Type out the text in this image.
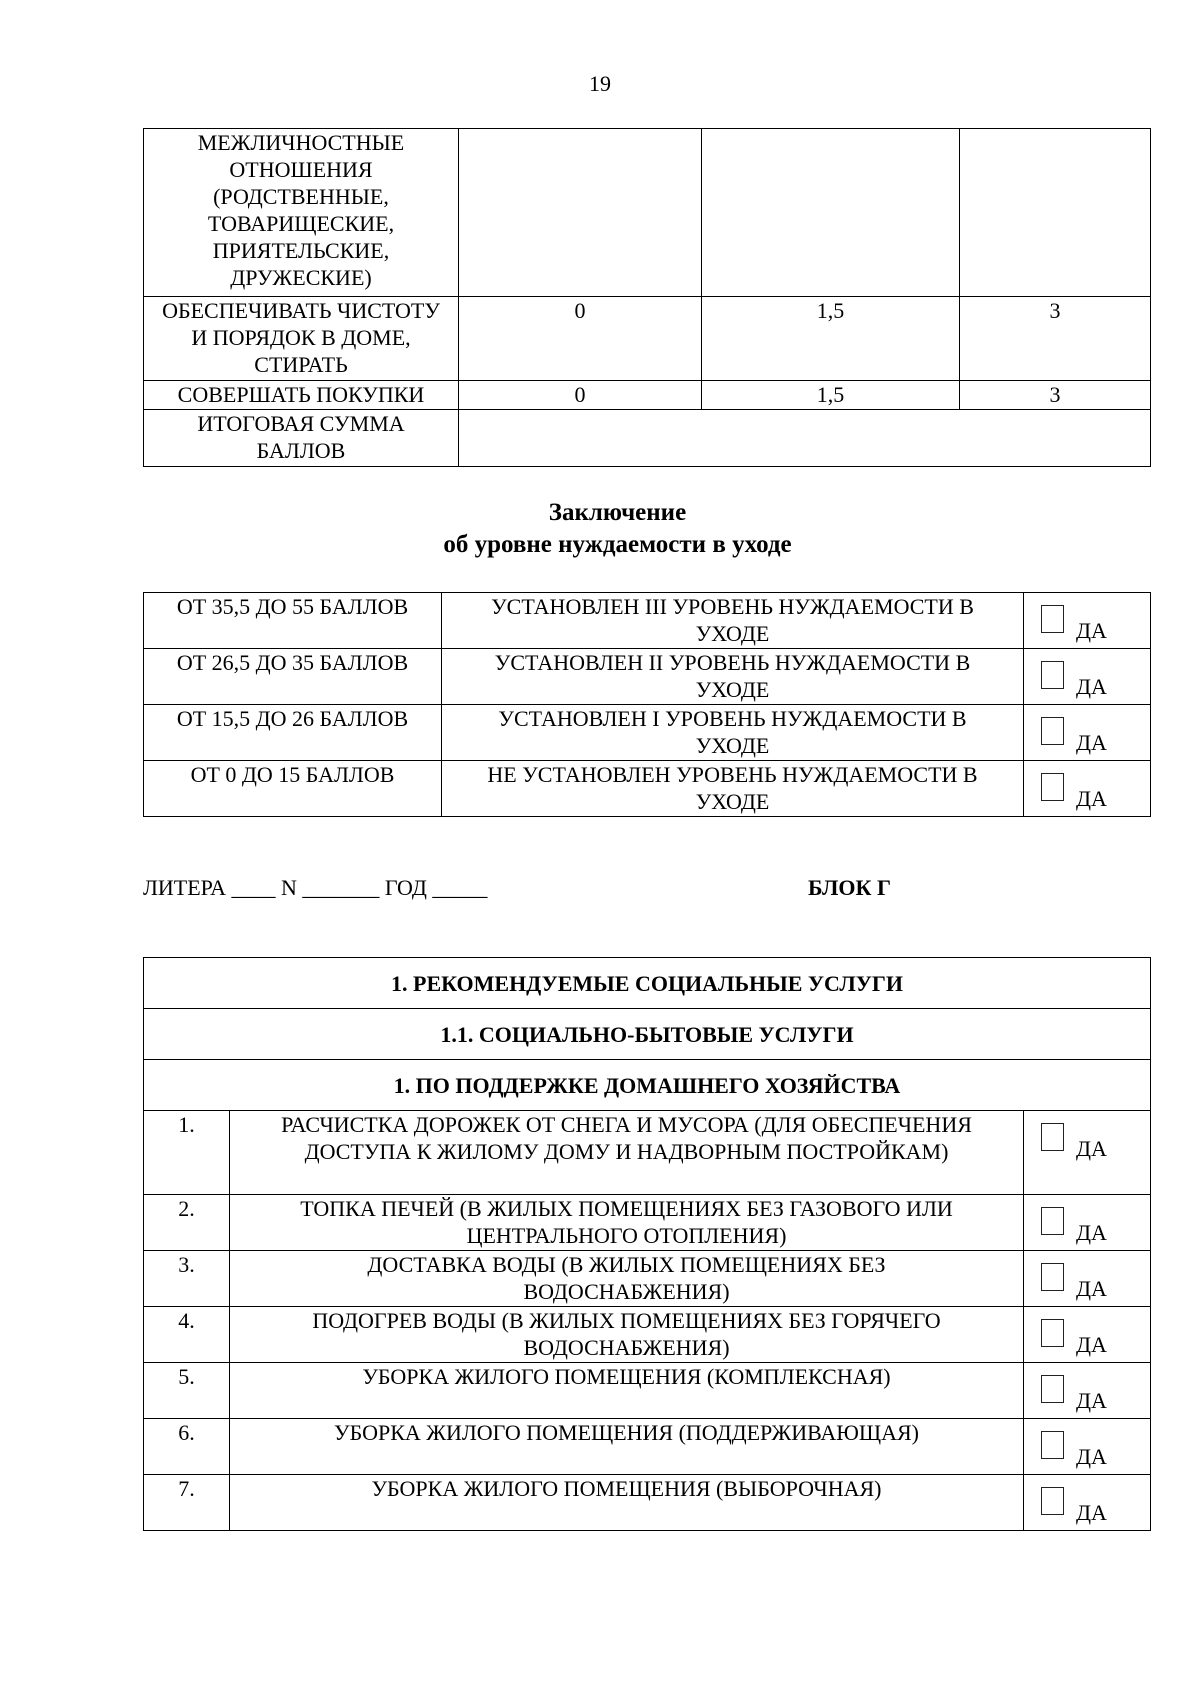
19
МЕЖЛИЧНОСТНЫЕ ОТНОШЕНИЯ (РОДСТВЕННЫЕ, ТОВАРИЩЕСКИЕ, ПРИЯТЕЛЬСКИЕ, ДРУЖЕСКИЕ)			
ОБЕСПЕЧИВАТЬ ЧИСТОТУ И ПОРЯДОК В ДОМЕ, СТИРАТЬ	0	1,5	3
СОВЕРШАТЬ ПОКУПКИ	0	1,5	3
ИТОГОВАЯ СУММА БАЛЛОВ			
Заключение
об уровне нуждаемости в уходе
ОТ 35,5 ДО 55 БАЛЛОВ	УСТАНОВЛЕН III УРОВЕНЬ НУЖДАЕМОСТИ В УХОДЕ	ДА

ОТ 26,5 ДО 35 БАЛЛОВ	УСТАНОВЛЕН II УРОВЕНЬ НУЖДАЕМОСТИ В УХОДЕ	ДА

ОТ 15,5 ДО 26 БАЛЛОВ	УСТАНОВЛЕН I УРОВЕНЬ НУЖДАЕМОСТИ В УХОДЕ	ДА

ОТ 0 ДО 15 БАЛЛОВ	НЕ УСТАНОВЛЕН УРОВЕНЬ НУЖДАЕМОСТИ В УХОДЕ	ДА
ЛИТЕРА ____ N _______ ГОД _____	БЛОК Г
1. РЕКОМЕНДУЕМЫЕ СОЦИАЛЬНЫЕ УСЛУГИ		
1.1. СОЦИАЛЬНО-БЫТОВЫЕ УСЛУГИ		
1. ПО ПОДДЕРЖКЕ ДОМАШНЕГО ХОЗЯЙСТВА		
1.	РАСЧИСТКА ДОРОЖЕК ОТ СНЕГА И МУСОРА (ДЛЯ ОБЕСПЕЧЕНИЯ ДОСТУПА К ЖИЛОМУ ДОМУ И НАДВОРНЫМ ПОСТРОЙКАМ)	ДА

2.	ТОПКА ПЕЧЕЙ (В ЖИЛЫХ ПОМЕЩЕНИЯХ БЕЗ ГАЗОВОГО ИЛИ ЦЕНТРАЛЬНОГО ОТОПЛЕНИЯ)	ДА

3.	ДОСТАВКА ВОДЫ (В ЖИЛЫХ ПОМЕЩЕНИЯХ БЕЗ ВОДОСНАБЖЕНИЯ)	ДА

4.	ПОДОГРЕВ ВОДЫ (В ЖИЛЫХ ПОМЕЩЕНИЯХ БЕЗ ГОРЯЧЕГО ВОДОСНАБЖЕНИЯ)	ДА

5.	УБОРКА ЖИЛОГО ПОМЕЩЕНИЯ (КОМПЛЕКСНАЯ)	ДА

6.	УБОРКА ЖИЛОГО ПОМЕЩЕНИЯ (ПОДДЕРЖИВАЮЩАЯ)	ДА

7.	УБОРКА ЖИЛОГО ПОМЕЩЕНИЯ (ВЫБОРОЧНАЯ)	ДА
